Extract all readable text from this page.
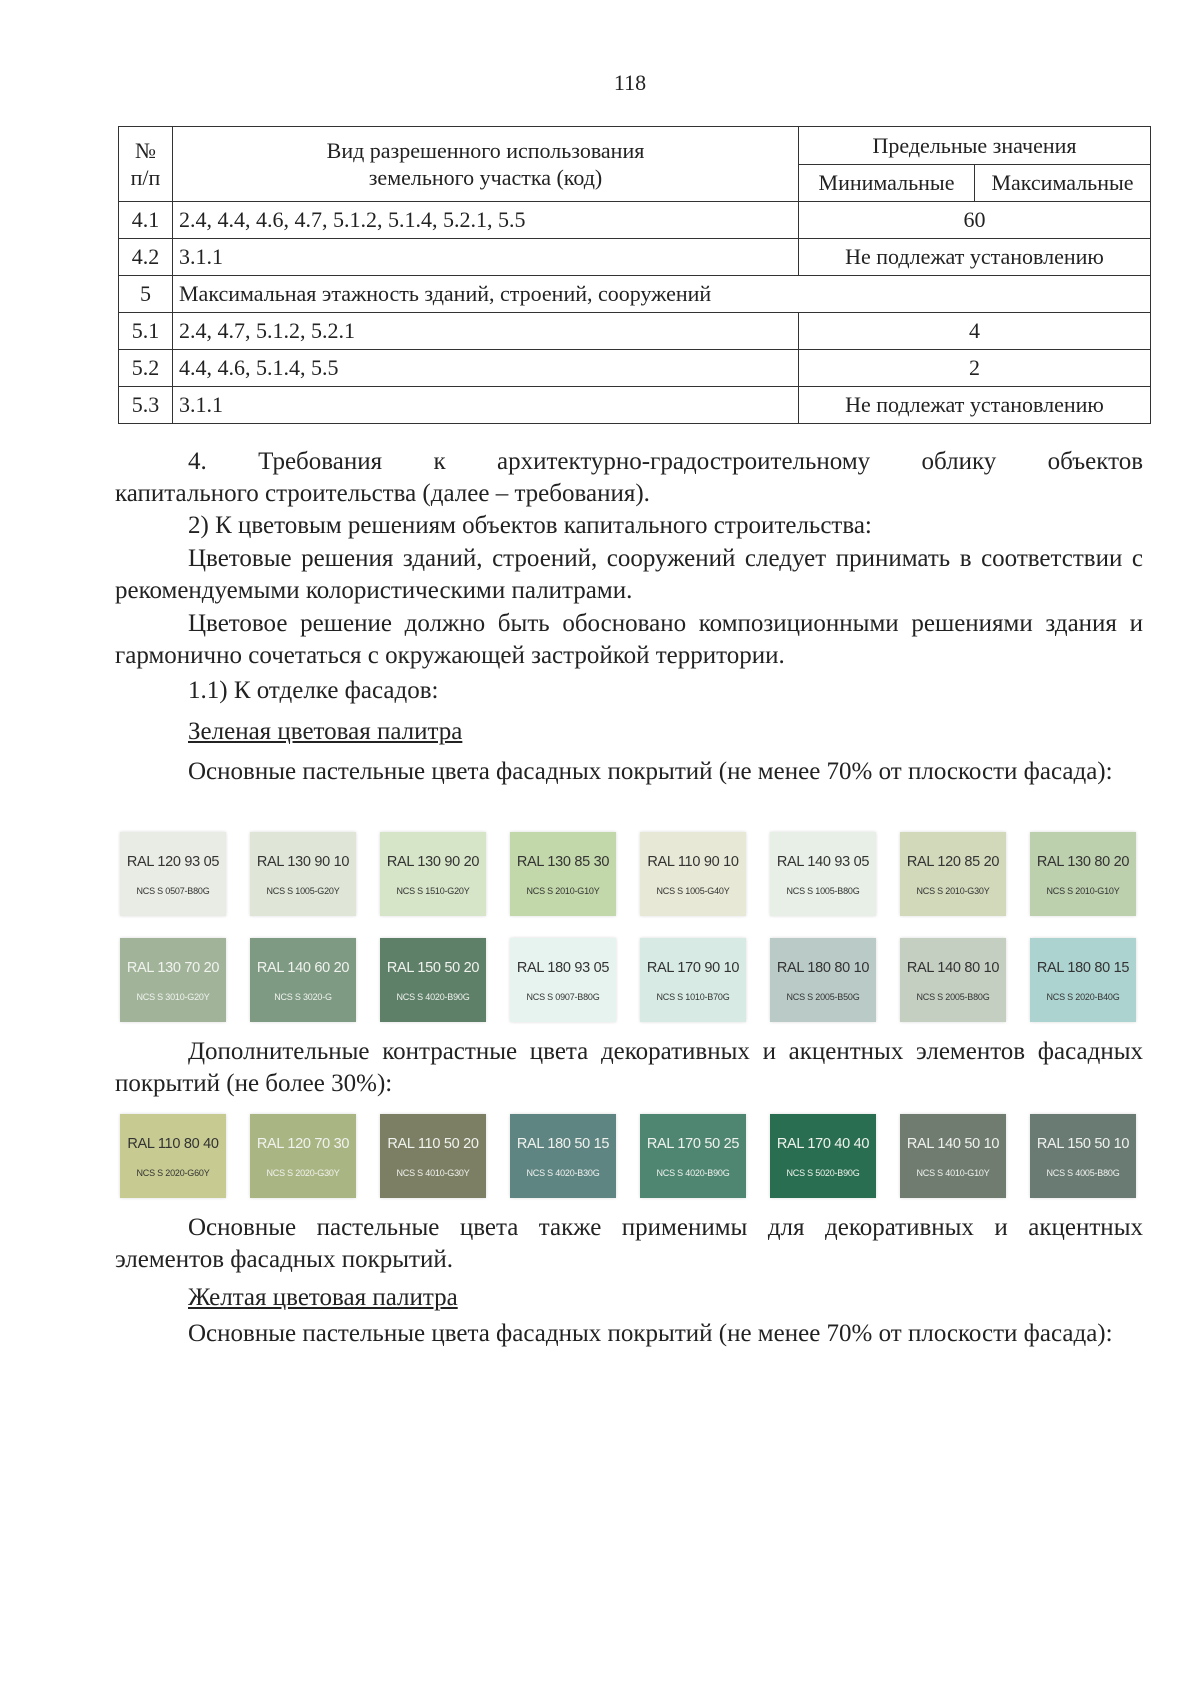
118
№ п/п	Вид разрешенного использования земельного участка (код)	Предельные значения	
		Минимальные	Максимальные
4.1	2.4, 4.4, 4.6, 4.7, 5.1.2, 5.1.4, 5.2.1, 5.5	60	
4.2	3.1.1	Не подлежат установлению	
5	Максимальная этажность зданий, строений, сооружений		
5.1	2.4, 4.7, 5.1.2, 5.2.1	4	
5.2	4.4, 4.6, 5.1.4, 5.5	2	
5.3	3.1.1	Не подлежат установлению	
4. Требования к архитектурно-градостроительному облику объектов
капитального строительства (далее – требования).
2) К цветовым решениям объектов капитального строительства:
Цветовые решения зданий, строений, сооружений следует принимать в соответствии с рекомендуемыми колористическими палитрами.
Цветовое решение должно быть обосновано композиционными решениями здания и гармонично сочетаться с окружающей застройкой территории.
1.1) К отделке фасадов:
Зеленая цветовая палитра
Основные пастельные цвета фасадных покрытий (не менее 70% от плоскости фасада):
RAL 120 93 05
NCS S 0507-B80G
RAL 130 90 10
NCS S 1005-G20Y
RAL 130 90 20
NCS S 1510-G20Y
RAL 130 85 30
NCS S 2010-G10Y
RAL 110 90 10
NCS S 1005-G40Y
RAL 140 93 05
NCS S 1005-B80G
RAL 120 85 20
NCS S 2010-G30Y
RAL 130 80 20
NCS S 2010-G10Y
RAL 130 70 20
NCS S 3010-G20Y
RAL 140 60 20
NCS S 3020-G
RAL 150 50 20
NCS S 4020-B90G
RAL 180 93 05
NCS S 0907-B80G
RAL 170 90 10
NCS S 1010-B70G
RAL 180 80 10
NCS S 2005-B50G
RAL 140 80 10
NCS S 2005-B80G
RAL 180 80 15
NCS S 2020-B40G
Дополнительные контрастные цвета декоративных и акцентных элементов фасадных покрытий (не более 30%):
RAL 110 80 40
NCS S 2020-G60Y
RAL 120 70 30
NCS S 2020-G30Y
RAL 110 50 20
NCS S 4010-G30Y
RAL 180 50 15
NCS S 4020-B30G
RAL 170 50 25
NCS S 4020-B90G
RAL 170 40 40
NCS S 5020-B90G
RAL 140 50 10
NCS S 4010-G10Y
RAL 150 50 10
NCS S 4005-B80G
Основные пастельные цвета также применимы для декоративных и акцентных элементов фасадных покрытий.
Желтая цветовая палитра
Основные пастельные цвета фасадных покрытий (не менее 70% от плоскости фасада):
